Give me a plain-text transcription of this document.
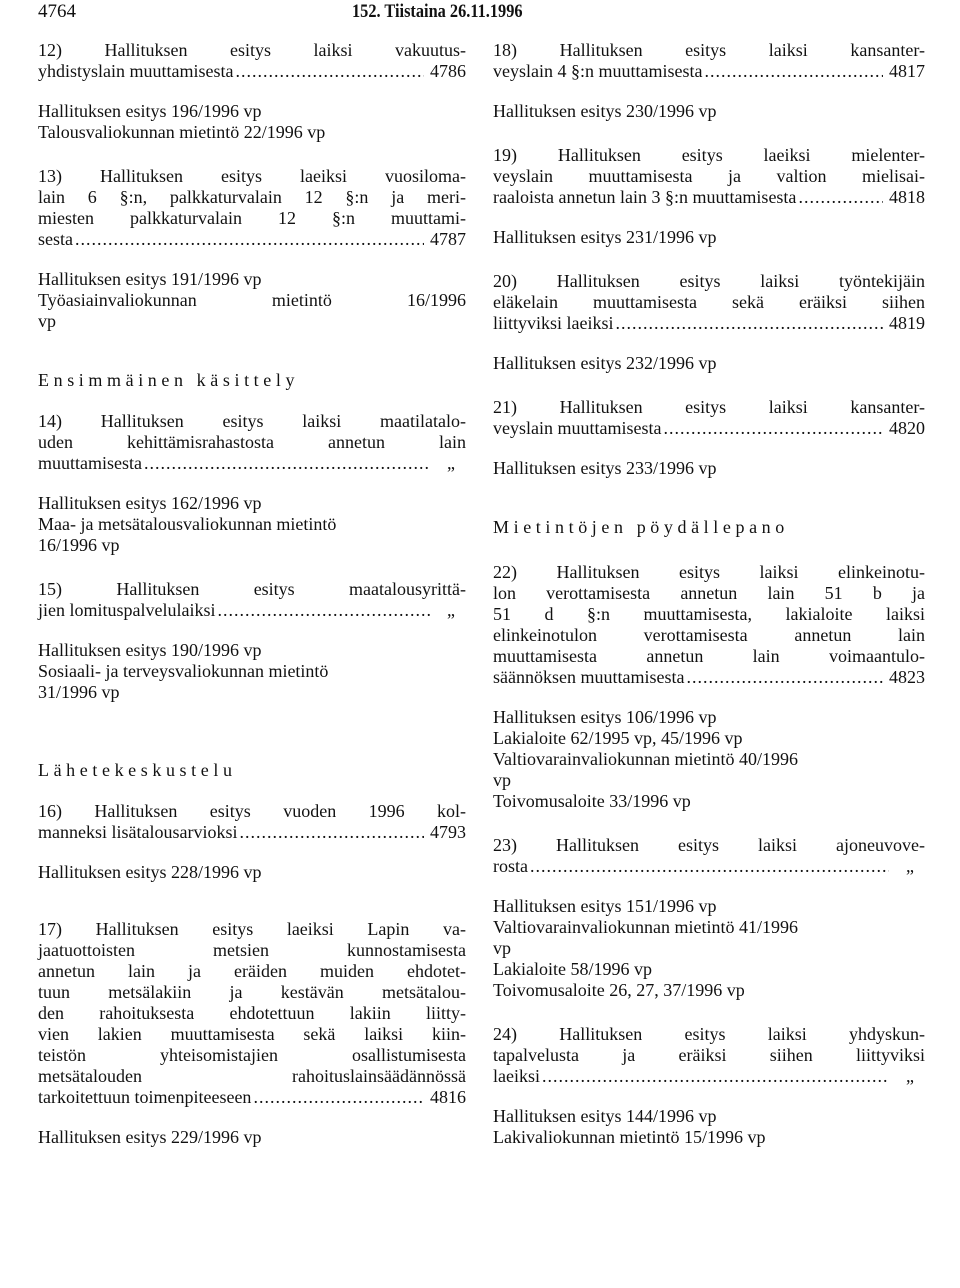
4764	152. Tiistaina 26.11.1996
12) Hallituksen esitys laiksi vakuutus-
yhdistyslain muuttamisesta .....	4786
Hallituksen esitys 196/1996 vp
Talousvaliokunnan mietintö 22/1996 vp
13) Hallituksen esitys laeiksi vuosiloma-
lain 6 §:n, palkkaturvalain 12 §:n ja meri-
miesten palkkaturvalain 12 §:n muuttami-
sesta .....	4787
Hallituksen esitys 191/1996 vp
Työasiainvaliokunnan mietintö 16/1996
vp
Ensimmäinen käsittely
14) Hallituksen esitys laiksi maatilatalo-
uden kehittämisrahastosta annetun lain
muuttamisesta .....	„
Hallituksen esitys 162/1996 vp
Maa- ja metsätalousvaliokunnan mietintö
16/1996 vp
15) Hallituksen esitys maatalousyrittä-
jien lomituspalvelulaiksi .....	„
Hallituksen esitys 190/1996 vp
Sosiaali- ja terveysvaliokunnan mietintö
31/1996 vp
Lähetekeskustelu
16) Hallituksen esitys vuoden 1996 kol-
manneksi lisätalousarvioksi .....	4793
Hallituksen esitys 228/1996 vp
17) Hallituksen esitys laeiksi Lapin va-
jaatuottoisten metsien kunnostamisesta
annetun lain ja eräiden muiden ehdotet-
tuun metsälakiin ja kestävän metsätalou-
den rahoituksesta ehdotettuun lakiin liitty-
vien lakien muuttamisesta sekä laiksi kiin-
teistön yhteisomistajien osallistumisesta
metsätalouden rahoituslainsäädännössä
tarkoitettuun toimenpiteeseen .....	4816
Hallituksen esitys 229/1996 vp
18) Hallituksen esitys laiksi kansanter-
veyslain 4 §:n muuttamisesta .....	4817
Hallituksen esitys 230/1996 vp
19) Hallituksen esitys laeiksi mielenter-
veyslain muuttamisesta ja valtion mielisai-
raaloista annetun lain 3 §:n muuttamisesta .....	4818
Hallituksen esitys 231/1996 vp
20) Hallituksen esitys laiksi työntekijäin
eläkelain muuttamisesta sekä eräiksi siihen
liittyviksi laeiksi .....	4819
Hallituksen esitys 232/1996 vp
21) Hallituksen esitys laiksi kansanter-
veyslain muuttamisesta .....	4820
Hallituksen esitys 233/1996 vp
Mietintöjen pöydällepano
22) Hallituksen esitys laiksi elinkeinotu-
lon verottamisesta annetun lain 51 b ja
51 d §:n muuttamisesta, lakialoite laiksi
elinkeinotulon verottamisesta annetun lain
muuttamisesta annetun lain voimaantulo-
säännöksen muuttamisesta .....	4823
Hallituksen esitys 106/1996 vp
Lakialoite 62/1995 vp, 45/1996 vp
Valtiovarainvaliokunnan mietintö 40/1996
vp
Toivomusaloite 33/1996 vp
23) Hallituksen esitys laiksi ajoneuvove-
rosta .....	„
Hallituksen esitys 151/1996 vp
Valtiovarainvaliokunnan mietintö 41/1996
vp
Lakialoite 58/1996 vp
Toivomusaloite 26, 27, 37/1996 vp
24) Hallituksen esitys laiksi yhdyskun-
tapalvelusta ja eräiksi siihen liittyviksi
laeiksi .....	„
Hallituksen esitys 144/1996 vp
Lakivaliokunnan mietintö 15/1996 vp
